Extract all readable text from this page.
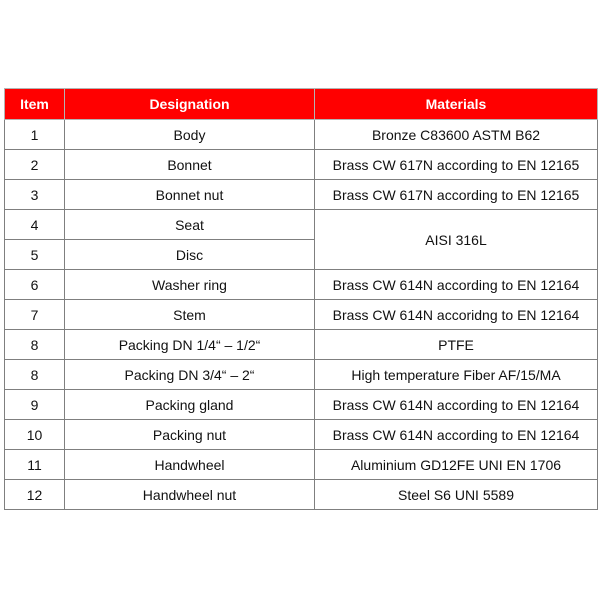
Item	Designation	Materials
1	Body	Bronze C83600 ASTM B62
2	Bonnet	Brass CW 617N according to EN 12165
3	Bonnet nut	Brass CW 617N according to EN 12165
4	Seat	AISI 316L
5	Disc	
6	Washer ring	Brass CW 614N according to EN 12164
7	Stem	Brass CW 614N accoridng to EN 12164
8	Packing DN 1/4“ – 1/2“	PTFE
8	Packing DN 3/4“ – 2“	High temperature Fiber AF/15/MA
9	Packing gland	Brass CW 614N according to EN 12164
10	Packing nut	Brass CW 614N according to EN 12164
11	Handwheel	Aluminium GD12FE UNI EN 1706
12	Handwheel nut	Steel S6 UNI 5589
